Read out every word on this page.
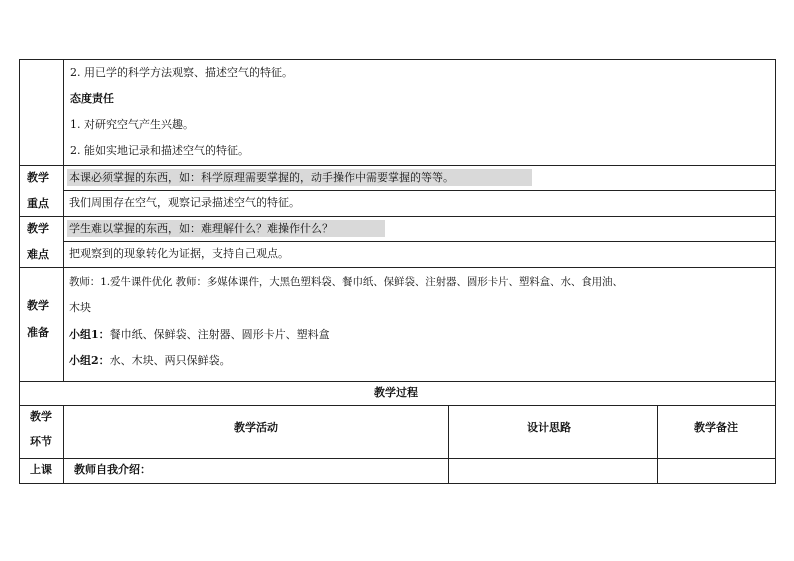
2. 用已学的科学方法观察、描述空气的特征。
态度责任
1. 对研究空气产生兴趣。
2. 能如实地记录和描述空气的特征。
教学
重点
本课必须掌握的东西，如：科学原理需要掌握的，动手操作中需要掌握的等等。
我们周围存在空气，观察记录描述空气的特征。
教学
难点
学生难以掌握的东西，如：难理解什么？难操作什么？
把观察到的现象转化为证据，支持自己观点。
教学
准备
教师：1.爱牛课件优化 教师：多媒体课件，大黑色塑料袋、餐巾纸、保鲜袋、注射器、圆形卡片、塑料盒、水、食用油、
木块
小组1：餐巾纸、保鲜袋、注射器、圆形卡片、塑料盒
小组2：水、木块、两只保鲜袋。
教学过程
教学
环节
教学活动	设计思路	教学备注
上课 教师自我介绍：
